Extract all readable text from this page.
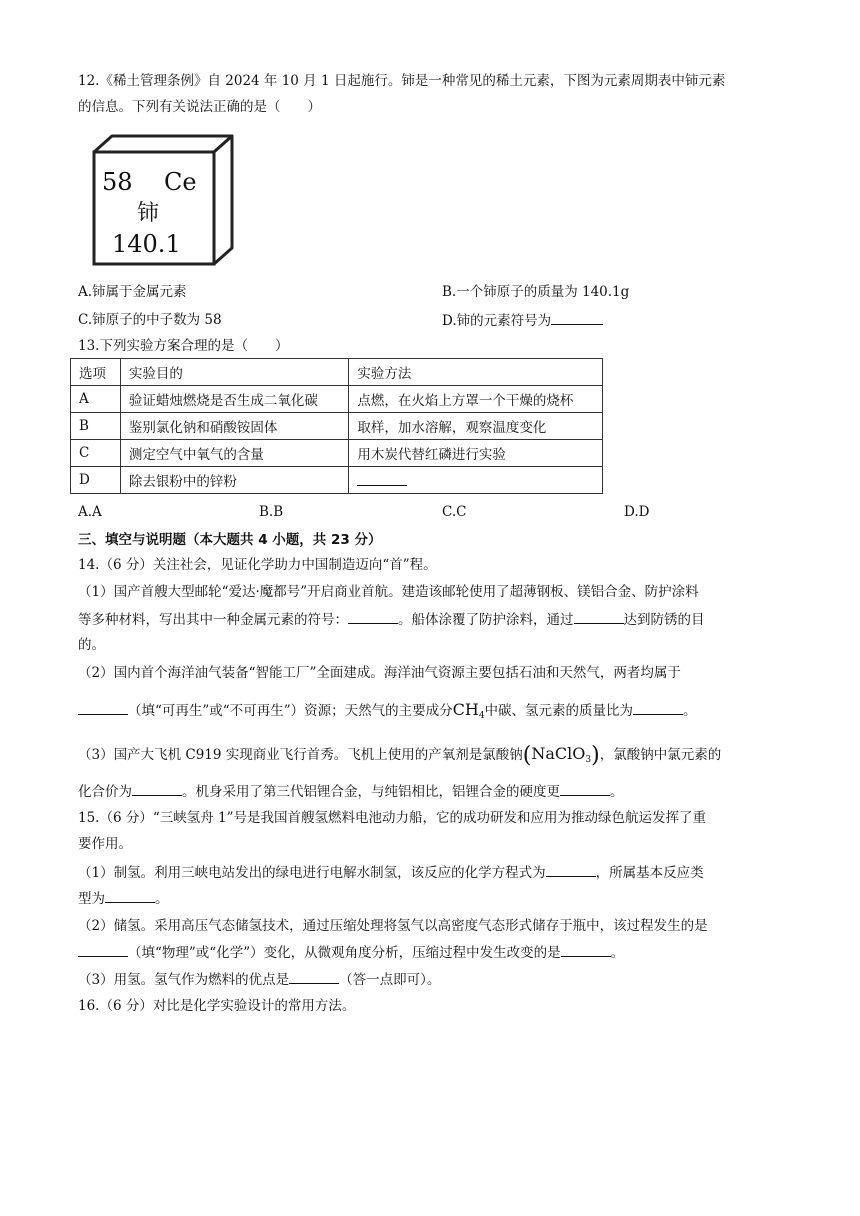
12.《稀土管理条例》自 2024 年 10 月 1 日起施行。铈是一种常见的稀土元素，下图为元素周期表中铈元素
的信息。下列有关说法正确的是（　　）
58 Ce
铈
140.1
A.铈属于金属元素	B.一个铈原子的质量为 140.1g
C.铈原子的中子数为 58	D.铈的元素符号为
13.下列实验方案合理的是（　　）
选项	实验目的	实验方法
A	验证蜡烛燃烧是否生成二氧化碳	点燃，在火焰上方罩一个干燥的烧杯
B	鉴别氯化钠和硝酸铵固体	取样，加水溶解，观察温度变化
C	测定空气中氧气的含量	用木炭代替红磷进行实验
D	除去银粉中的锌粉	
A.A	B.B	C.C	D.D
三、填空与说明题（本大题共 4 小题，共 23 分）
14.（6 分）关注社会，见证化学助力中国制造迈向“首”程。
（1）国产首艘大型邮轮“爱达·魔都号”开启商业首航。建造该邮轮使用了超薄钢板、镁铝合金、防护涂料
等多种材料，写出其中一种金属元素的符号：	。船体涂覆了防护涂料，通过	达到防锈的目
的。
（2）国内首个海洋油气装备“智能工厂”全面建成。海洋油气资源主要包括石油和天然气，两者均属于
（填“可再生”或“不可再生”）资源；天然气的主要成分$CH_4$中碳、氢元素的质量比为	。
（3）国产大飞机 C919 实现商业飞行首秀。飞机上使用的产氧剂是氯酸钠(NaClO$_3$)，氯酸钠中氯元素的
化合价为	。机身采用了第三代铝锂合金，与纯铝相比，铝锂合金的硬度更	。
15.（6 分）“三峡氢舟 1”号是我国首艘氢燃料电池动力船，它的成功研发和应用为推动绿色航运发挥了重
要作用。
（1）制氢。利用三峡电站发出的绿电进行电解水制氢，该反应的化学方程式为	，所属基本反应类
型为	。
（2）储氢。采用高压气态储氢技术，通过压缩处理将氢气以高密度气态形式储存于瓶中，该过程发生的是
（填“物理”或“化学”）变化，从微观角度分析，压缩过程中发生改变的是	。
（3）用氢。氢气作为燃料的优点是	（答一点即可）。
16.（6 分）对比是化学实验设计的常用方法。
